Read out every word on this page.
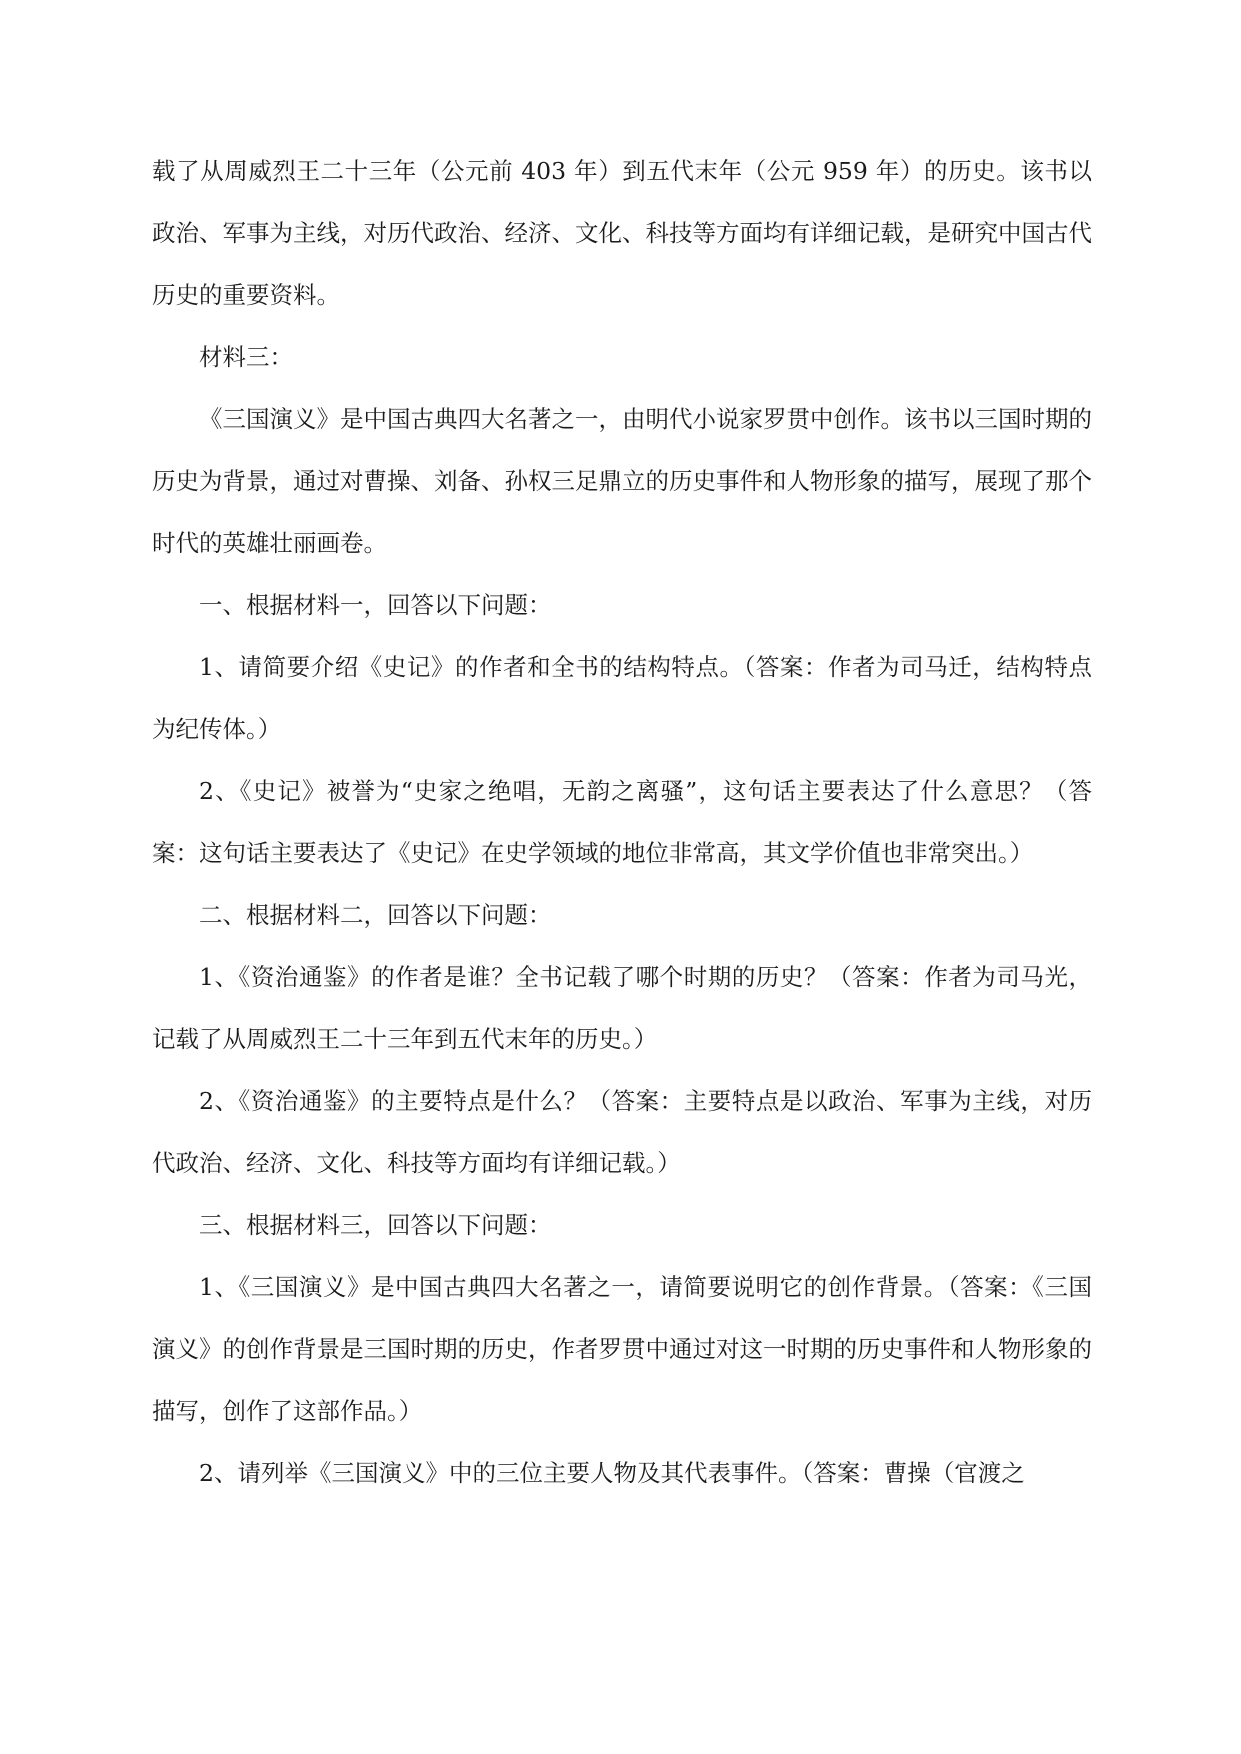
载了从周威烈王二十三年（公元前 403 年）到五代末年（公元 959 年）的历史。该书以政治、军事为主线，对历代政治、经济、文化、科技等方面均有详细记载，是研究中国古代历史的重要资料。

材料三：

《三国演义》是中国古典四大名著之一，由明代小说家罗贯中创作。该书以三国时期的历史为背景，通过对曹操、刘备、孙权三足鼎立的历史事件和人物形象的描写，展现了那个时代的英雄壮丽画卷。

一、根据材料一，回答以下问题：

1、请简要介绍《史记》的作者和全书的结构特点。（答案：作者为司马迁，结构特点为纪传体。）

2、《史记》被誉为“史家之绝唱，无韵之离骚”，这句话主要表达了什么意思？（答案：这句话主要表达了《史记》在史学领域的地位非常高，其文学价值也非常突出。）

二、根据材料二，回答以下问题：

1、《资治通鉴》的作者是谁？全书记载了哪个时期的历史？（答案：作者为司马光，记载了从周威烈王二十三年到五代末年的历史。）

2、《资治通鉴》的主要特点是什么？（答案：主要特点是以政治、军事为主线，对历代政治、经济、文化、科技等方面均有详细记载。）

三、根据材料三，回答以下问题：

1、《三国演义》是中国古典四大名著之一，请简要说明它的创作背景。（答案：《三国演义》的创作背景是三国时期的历史，作者罗贯中通过对这一时期的历史事件和人物形象的描写，创作了这部作品。）

2、请列举《三国演义》中的三位主要人物及其代表事件。（答案：曹操（官渡之
